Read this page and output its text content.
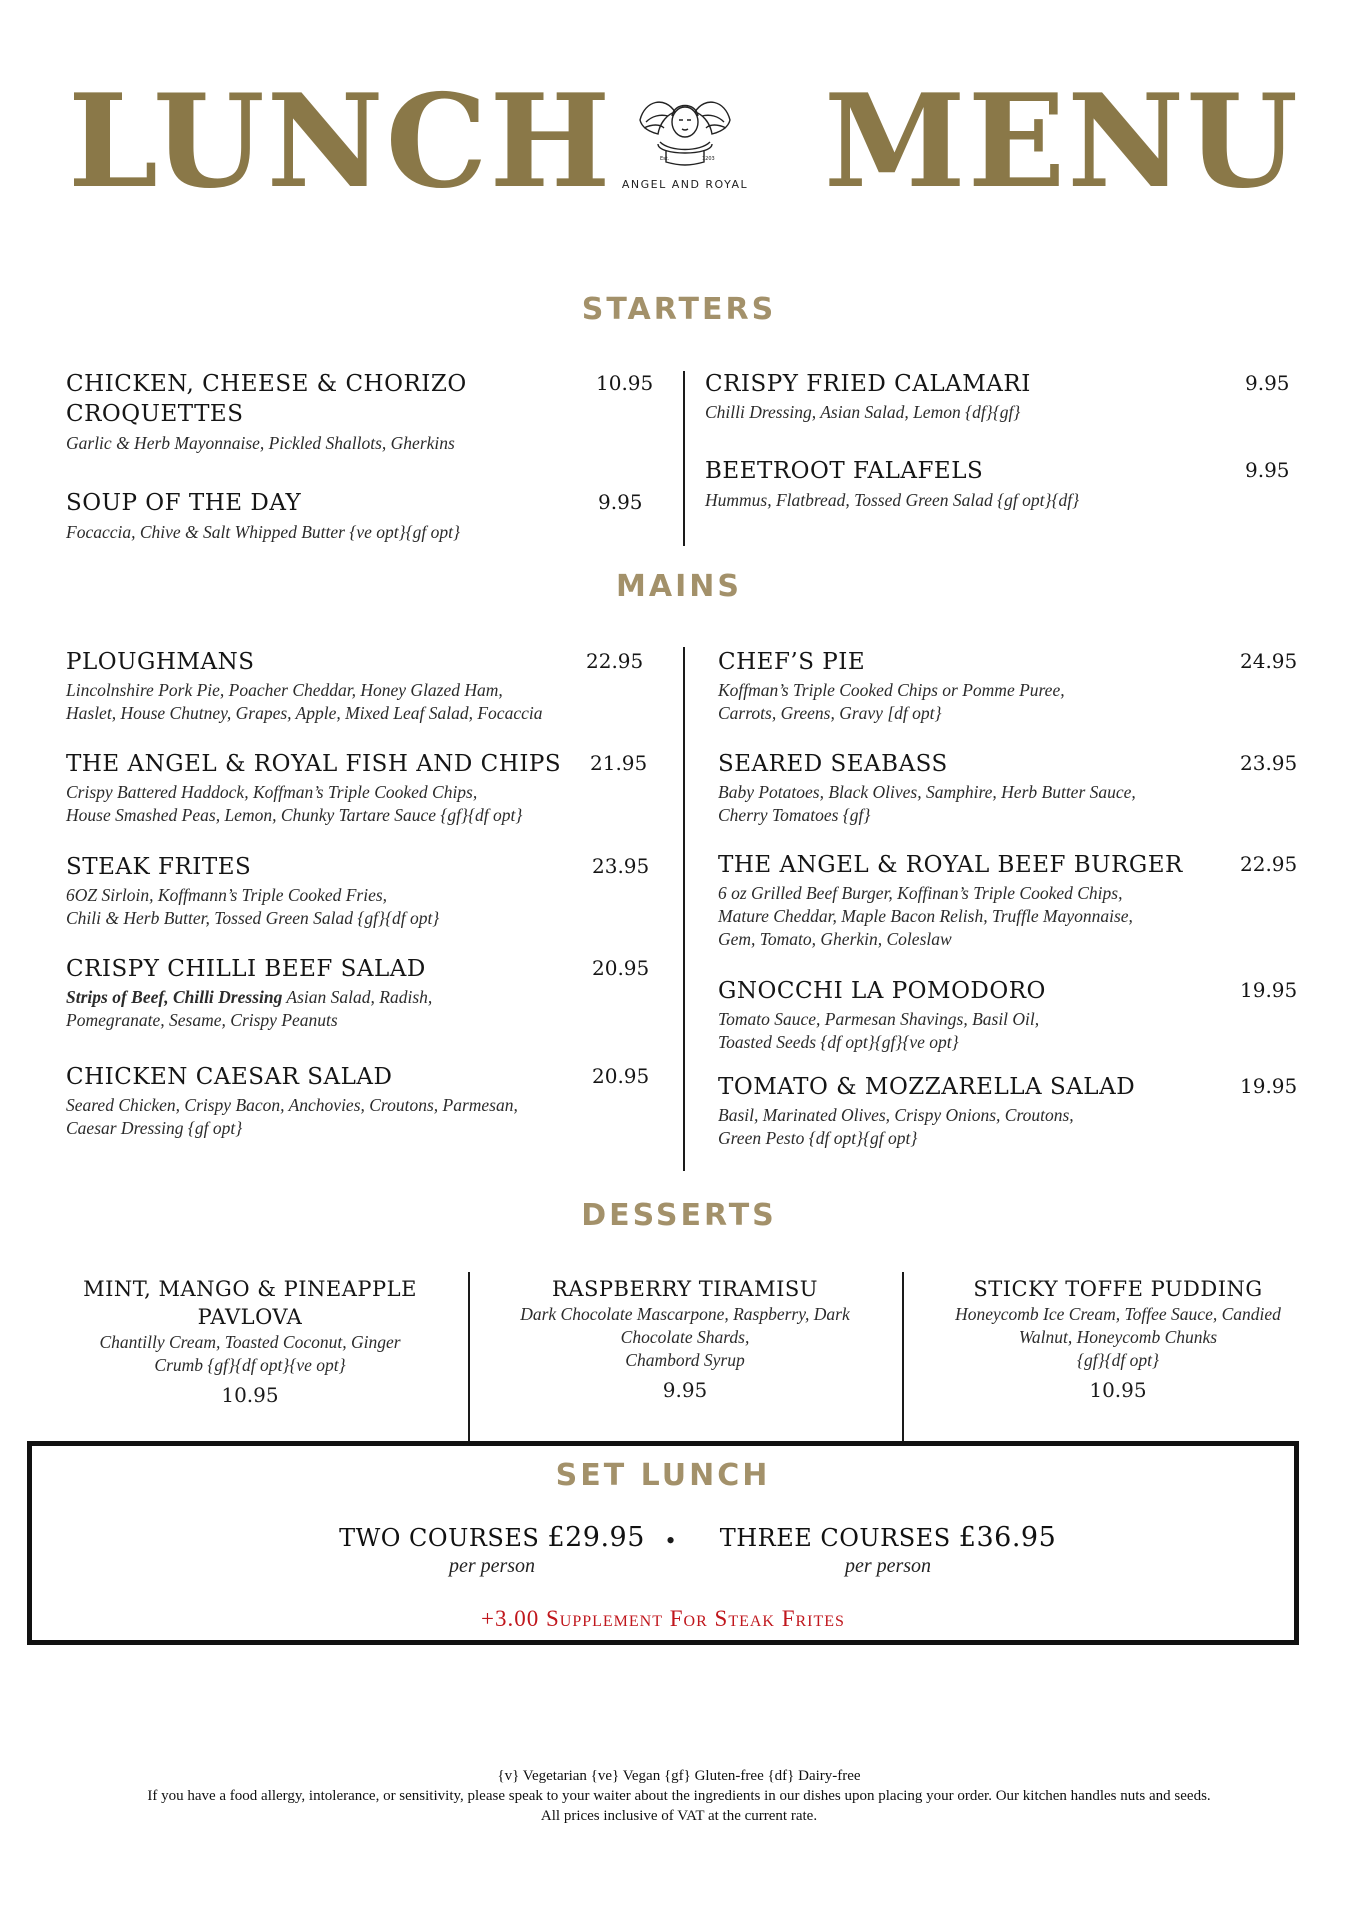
LUNCH MENU
Est.	1203
ANGEL AND ROYAL
STARTERS
CHICKEN, CHEESE & CHORIZO
CROQUETTES
Garlic & Herb Mayonnaise, Pickled Shallots, Gherkins
10.95
SOUP OF THE DAY
Focaccia, Chive & Salt Whipped Butter {ve opt}{gf opt}
9.95
CRISPY FRIED CALAMARI
Chilli Dressing, Asian Salad, Lemon {df}{gf}
9.95
BEETROOT FALAFELS
Hummus, Flatbread, Tossed Green Salad {gf opt}{df}
9.95
MAINS
PLOUGHMANS
Lincolnshire Pork Pie, Poacher Cheddar, Honey Glazed Ham,
Haslet, House Chutney, Grapes, Apple, Mixed Leaf Salad, Focaccia
22.95
THE ANGEL & ROYAL FISH AND CHIPS
Crispy Battered Haddock, Koffman’s Triple Cooked Chips,
House Smashed Peas, Lemon, Chunky Tartare Sauce {gf}{df opt}
21.95
STEAK FRITES
6OZ Sirloin, Koffmann’s Triple Cooked Fries,
Chili & Herb Butter, Tossed Green Salad {gf}{df opt}
23.95
CRISPY CHILLI BEEF SALAD
Strips of Beef, Chilli Dressing Asian Salad, Radish,
Pomegranate, Sesame, Crispy Peanuts
20.95
CHICKEN CAESAR SALAD
Seared Chicken, Crispy Bacon, Anchovies, Croutons, Parmesan,
Caesar Dressing {gf opt}
20.95
CHEF’S PIE
Koffman’s Triple Cooked Chips or Pomme Puree,
Carrots, Greens, Gravy [df opt}
24.95
SEARED SEABASS
Baby Potatoes, Black Olives, Samphire, Herb Butter Sauce,
Cherry Tomatoes {gf}
23.95
THE ANGEL & ROYAL BEEF BURGER
6 oz Grilled Beef Burger, Koffinan’s Triple Cooked Chips,
Mature Cheddar, Maple Bacon Relish, Truffle Mayonnaise,
Gem, Tomato, Gherkin, Coleslaw
22.95
GNOCCHI LA POMODORO
Tomato Sauce, Parmesan Shavings, Basil Oil,
Toasted Seeds {df opt}{gf}{ve opt}
19.95
TOMATO & MOZZARELLA SALAD
Basil, Marinated Olives, Crispy Onions, Croutons,
Green Pesto {df opt}{gf opt}
19.95
DESSERTS
MINT, MANGO & PINEAPPLE
PAVLOVA
Chantilly Cream, Toasted Coconut, Ginger
Crumb {gf}{df opt}{ve opt}
10.95
RASPBERRY TIRAMISU
Dark Chocolate Mascarpone, Raspberry, Dark
Chocolate Shards,
Chambord Syrup
9.95
STICKY TOFFE PUDDING
Honeycomb Ice Cream, Toffee Sauce, Candied
Walnut, Honeycomb Chunks
{gf}{df opt}
10.95
SET LUNCH
TWO COURSES £29.95
per person
•	THREE COURSES £36.95
per person
+3.00 Supplement For Steak Frites
{v} Vegetarian {ve} Vegan {gf} Gluten-free {df} Dairy-free
If you have a food allergy, intolerance, or sensitivity, please speak to your waiter about the ingredients in our dishes upon placing your order. Our kitchen handles nuts and seeds.
All prices inclusive of VAT at the current rate.
